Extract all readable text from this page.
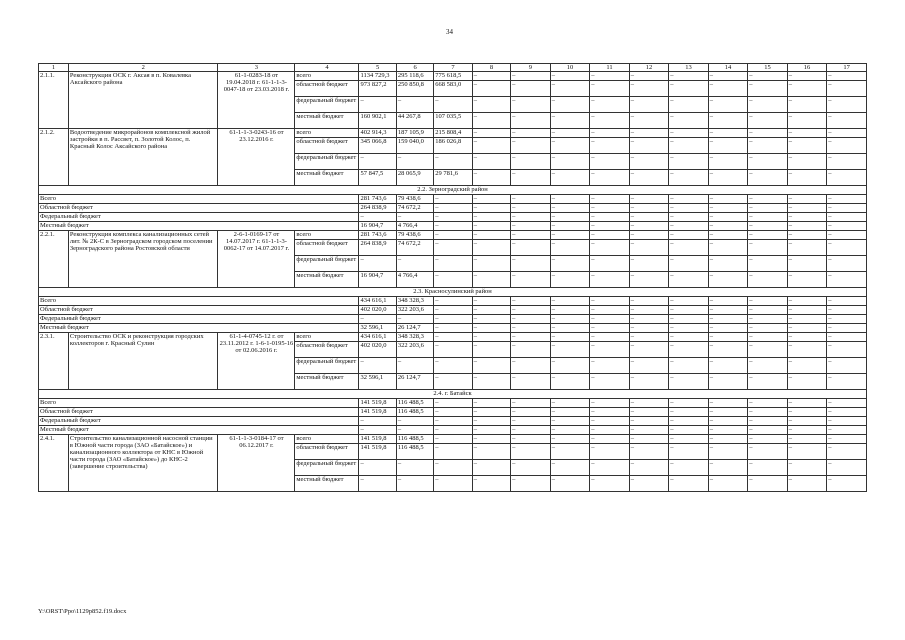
34
1	2	3	4	5	6	7	8	9	10	11	12	13	14	15	16	17
2.1.1.	Реконструкция ОСК г. Аксая в п. Ковалевка Аксайского района	61-1-0283-18 от 19.04.2018 г. 61-1-1-3-0047-18 от 23.03.2018 г.	всего	1134 729,3	295 118,6	775 618,5	–	–	–	–	–	–	–	–	–	–
			областной бюджет	973 827,2	250 850,8	668 583,0	–	–	–	–	–	–	–	–	–	–
			федеральный бюджет	–	–	–	–	–	–	–	–	–	–	–	–	–
			местный бюджет	160 902,1	44 267,8	107 035,5	–	–	–	–	–	–	–	–	–	–
2.1.2.	Водоотведение микрорайонов комплексной жилой застройки в п. Рассвет, п. Золотой Колос, п. Красный Колос Аксайского района	61-1-1-3-0243-16 от 23.12.2016 г.	всего	402 914,3	187 105,9	215 808,4	–	–	–	–	–	–	–	–	–	–
			областной бюджет	345 066,8	159 040,0	186 026,8	–	–	–	–	–	–	–	–	–	–
			федеральный бюджет	–	–	–	–	–	–	–	–	–	–	–	–	–
			местный бюджет	57 847,5	28 065,9	29 781,6	–	–	–	–	–	–	–	–	–	–
2.2. Зерноградский район																
Всего				281 743,6	79 438,6	–	–	–	–	–	–	–	–	–	–	–
Областной бюджет				264 838,9	74 672,2	–	–	–	–	–	–	–	–	–	–	–
Федеральный бюджет				–	–	–	–	–	–	–	–	–	–	–	–	–
Местный бюджет				16 904,7	4 766,4	–	–	–	–	–	–	–	–	–	–	–
2.2.1.	Реконструкция комплекса канализационных сетей лит. № 2К-С в Зерноградском городском поселении Зерноградского района Ростовской области	2-6-1-0169-17 от 14.07.2017 г. 61-1-1-3-0062-17 от 14.07.2017 г.	всего	281 743,6	79 438,6	–	–	–	–	–	–	–	–	–	–	–
			областной бюджет	264 838,9	74 672,2	–	–	–	–	–	–	–	–	–	–	–
			федеральный бюджет	–	–	–	–	–	–	–	–	–	–	–	–	–
			местный бюджет	16 904,7	4 766,4	–	–	–	–	–	–	–	–	–	–	–
2.3. Красносулинский район																
Всего				434 616,1	348 328,3	–	–	–	–	–	–	–	–	–	–	–
Областной бюджет				402 020,0	322 203,6	–	–	–	–	–	–	–	–	–	–	–
Федеральный бюджет				–	–	–	–	–	–	–	–	–	–	–	–	–
Местный бюджет				32 596,1	26 124,7	–	–	–	–	–	–	–	–	–	–	–
2.3.1.	Строительство ОСК и реконструкция городских коллекторов г. Красный Сулин	61-1-4-0745-12 г. от 23.11.2012 г. 1-6-1-0195-16 от 02.06.2016 г.	всего	434 616,1	348 328,3	–	–	–	–	–	–	–	–	–	–	–
			областной бюджет	402 020,0	322 203,6	–	–	–	–	–	–	–	–	–	–	–
			федеральный бюджет	–	–	–	–	–	–	–	–	–	–	–	–	–
			местный бюджет	32 596,1	26 124,7	–	–	–	–	–	–	–	–	–	–	–
2.4. г. Батайск																
Всего				141 519,8	116 488,5	–	–	–	–	–	–	–	–	–	–	–
Областной бюджет				141 519,8	116 488,5	–	–	–	–	–	–	–	–	–	–	–
Федеральный бюджет				–	–	–	–	–	–	–	–	–	–	–	–	–
Местный бюджет				–	–	–	–	–	–	–	–	–	–	–	–	–
2.4.1.	Строительство канализационной насосной станции в Южной части города (ЗАО «Батайское») и канализационного коллектора от КНС в Южной части города (ЗАО «Батайское») до КНС-2 (завершение строительства)	61-1-1-3-0184-17 от 06.12.2017 г.	всего	141 519,8	116 488,5	–	–	–	–	–	–	–	–	–	–	–
			областной бюджет	141 519,8	116 488,5	–	–	–	–	–	–	–	–	–	–	–
			федеральный бюджет	–	–	–	–	–	–	–	–	–	–	–	–	–
			местный бюджет	–	–	–	–	–	–	–	–	–	–	–	–	–
Y:\ORST\Ppo\1129p852.f19.docx
